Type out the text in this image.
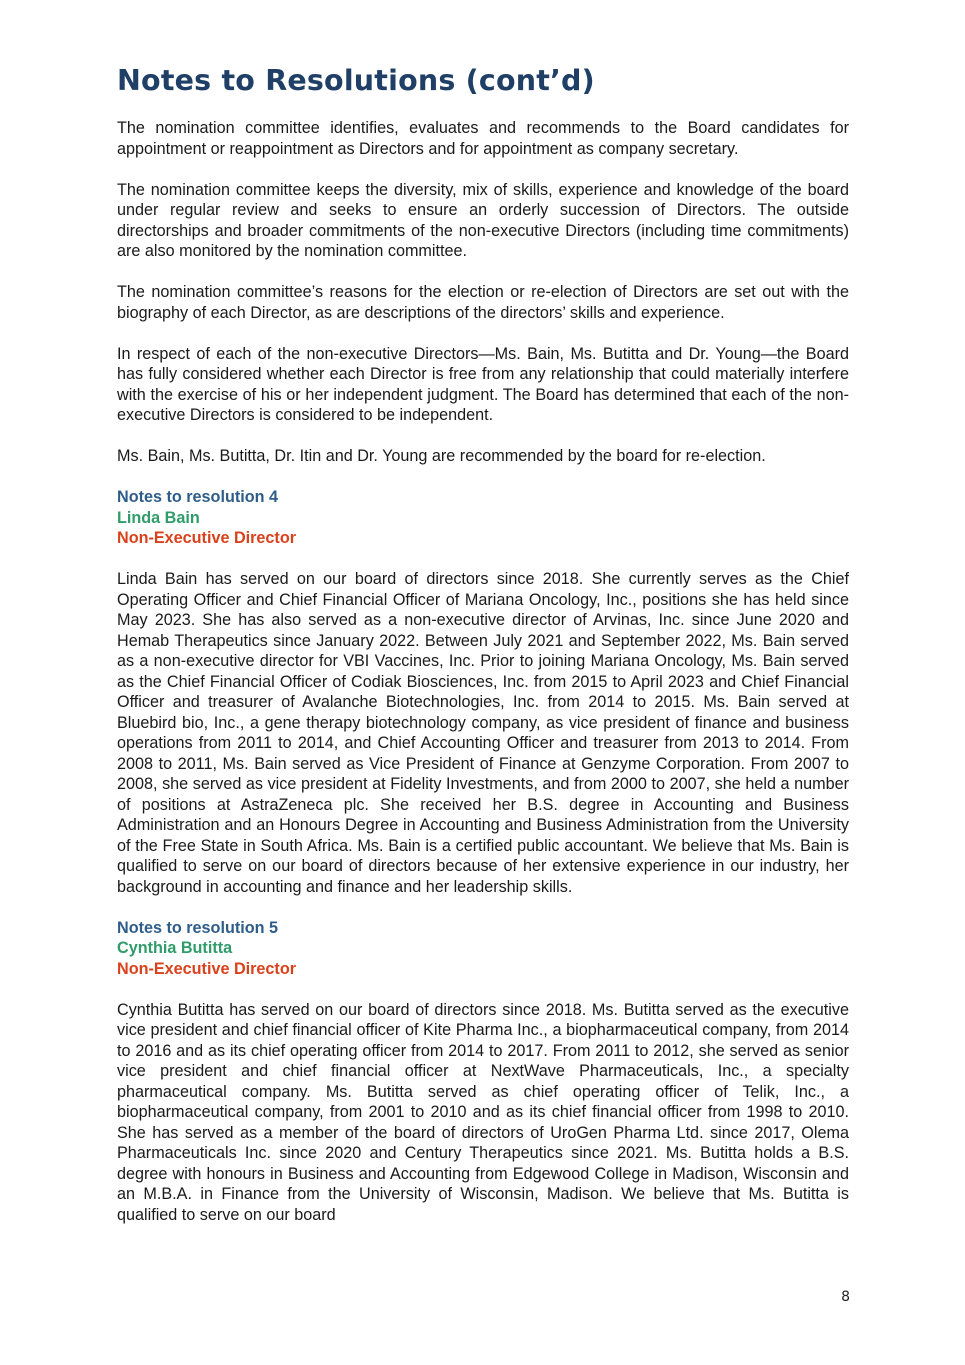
Notes to Resolutions (cont’d)

The nomination committee identifies, evaluates and recommends to the Board candidates for appointment or reappointment as Directors and for appointment as company secretary.

The nomination committee keeps the diversity, mix of skills, experience and knowledge of the board under regular review and seeks to ensure an orderly succession of Directors. The outside directorships and broader commitments of the non-executive Directors (including time commitments) are also monitored by the nomination committee.

The nomination committee’s reasons for the election or re-election of Directors are set out with the biography of each Director, as are descriptions of the directors’ skills and experience.

In respect of each of the non-executive Directors—Ms. Bain, Ms. Butitta and Dr. Young—the Board has fully considered whether each Director is free from any relationship that could materially interfere with the exercise of his or her independent judgment. The Board has determined that each of the non-executive Directors is considered to be independent.

Ms. Bain, Ms. Butitta, Dr. Itin and Dr. Young are recommended by the board for re-election.

Notes to resolution 4
Linda Bain
Non-Executive Director

Linda Bain has served on our board of directors since 2018. She currently serves as the Chief Operating Officer and Chief Financial Officer of Mariana Oncology, Inc., positions she has held since May 2023. She has also served as a non-executive director of Arvinas, Inc. since June 2020 and Hemab Therapeutics since January 2022. Between July 2021 and September 2022, Ms. Bain served as a non-executive director for VBI Vaccines, Inc. Prior to joining Mariana Oncology, Ms. Bain served as the Chief Financial Officer of Codiak Biosciences, Inc. from 2015 to April 2023 and Chief Financial Officer and treasurer of Avalanche Biotechnologies, Inc. from 2014 to 2015. Ms. Bain served at Bluebird bio, Inc., a gene therapy biotechnology company, as vice president of finance and business operations from 2011 to 2014, and Chief Accounting Officer and treasurer from 2013 to 2014. From 2008 to 2011, Ms. Bain served as Vice President of Finance at Genzyme Corporation. From 2007 to 2008, she served as vice president at Fidelity Investments, and from 2000 to 2007, she held a number of positions at AstraZeneca plc. She received her B.S. degree in Accounting and Business Administration and an Honours Degree in Accounting and Business Administration from the University of the Free State in South Africa. Ms. Bain is a certified public accountant. We believe that Ms. Bain is qualified to serve on our board of directors because of her extensive experience in our industry, her background in accounting and finance and her leadership skills.

Notes to resolution 5
Cynthia Butitta
Non-Executive Director

Cynthia Butitta has served on our board of directors since 2018. Ms. Butitta served as the executive vice president and chief financial officer of Kite Pharma Inc., a biopharmaceutical company, from 2014 to 2016 and as its chief operating officer from 2014 to 2017. From 2011 to 2012, she served as senior vice president and chief financial officer at NextWave Pharmaceuticals, Inc., a specialty pharmaceutical company. Ms. Butitta served as chief operating officer of Telik, Inc., a biopharmaceutical company, from 2001 to 2010 and as its chief financial officer from 1998 to 2010. She has served as a member of the board of directors of UroGen Pharma Ltd. since 2017, Olema Pharmaceuticals Inc. since 2020 and Century Therapeutics since 2021. Ms. Butitta holds a B.S. degree with honours in Business and Accounting from Edgewood College in Madison, Wisconsin and an M.B.A. in Finance from the University of Wisconsin, Madison. We believe that Ms. Butitta is qualified to serve on our board

8
